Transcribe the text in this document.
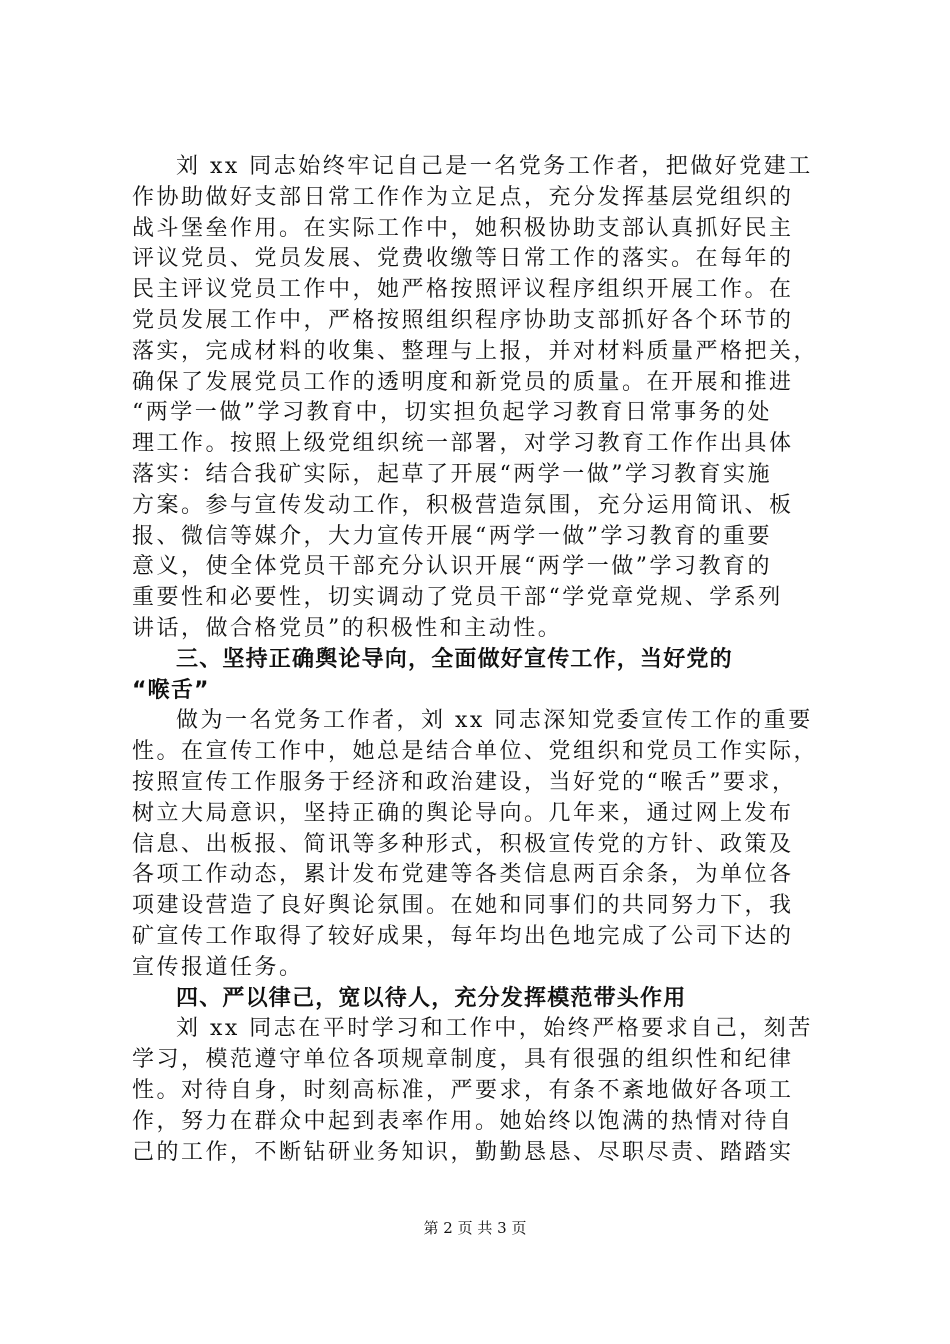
刘 xx 同志始终牢记自己是一名党务工作者，把做好党建工
作协助做好支部日常工作作为立足点，充分发挥基层党组织的
战斗堡垒作用。在实际工作中，她积极协助支部认真抓好民主
评议党员、党员发展、党费收缴等日常工作的落实。在每年的
民主评议党员工作中，她严格按照评议程序组织开展工作。在
党员发展工作中，严格按照组织程序协助支部抓好各个环节的
落实，完成材料的收集、整理与上报，并对材料质量严格把关，
确保了发展党员工作的透明度和新党员的质量。在开展和推进
“两学一做”学习教育中，切实担负起学习教育日常事务的处
理工作。按照上级党组织统一部署，对学习教育工作作出具体
落实：结合我矿实际，起草了开展“两学一做”学习教育实施
方案。参与宣传发动工作，积极营造氛围，充分运用简讯、板
报、微信等媒介，大力宣传开展“两学一做”学习教育的重要
意义，使全体党员干部充分认识开展“两学一做”学习教育的
重要性和必要性，切实调动了党员干部“学党章党规、学系列
讲话，做合格党员”的积极性和主动性。
三、坚持正确舆论导向，全面做好宣传工作，当好党的
“喉舌”
做为一名党务工作者，刘 xx 同志深知党委宣传工作的重要
性。在宣传工作中，她总是结合单位、党组织和党员工作实际，
按照宣传工作服务于经济和政治建设，当好党的“喉舌”要求，
树立大局意识，坚持正确的舆论导向。几年来，通过网上发布
信息、出板报、简讯等多种形式，积极宣传党的方针、政策及
各项工作动态，累计发布党建等各类信息两百余条，为单位各
项建设营造了良好舆论氛围。在她和同事们的共同努力下，我
矿宣传工作取得了较好成果，每年均出色地完成了公司下达的
宣传报道任务。
四、严以律己，宽以待人，充分发挥模范带头作用
刘 xx 同志在平时学习和工作中，始终严格要求自己，刻苦
学习，模范遵守单位各项规章制度，具有很强的组织性和纪律
性。对待自身，时刻高标准，严要求，有条不紊地做好各项工
作，努力在群众中起到表率作用。她始终以饱满的热情对待自
己的工作，不断钻研业务知识，勤勤恳恳、尽职尽责、踏踏实
第 2 页 共 3 页
